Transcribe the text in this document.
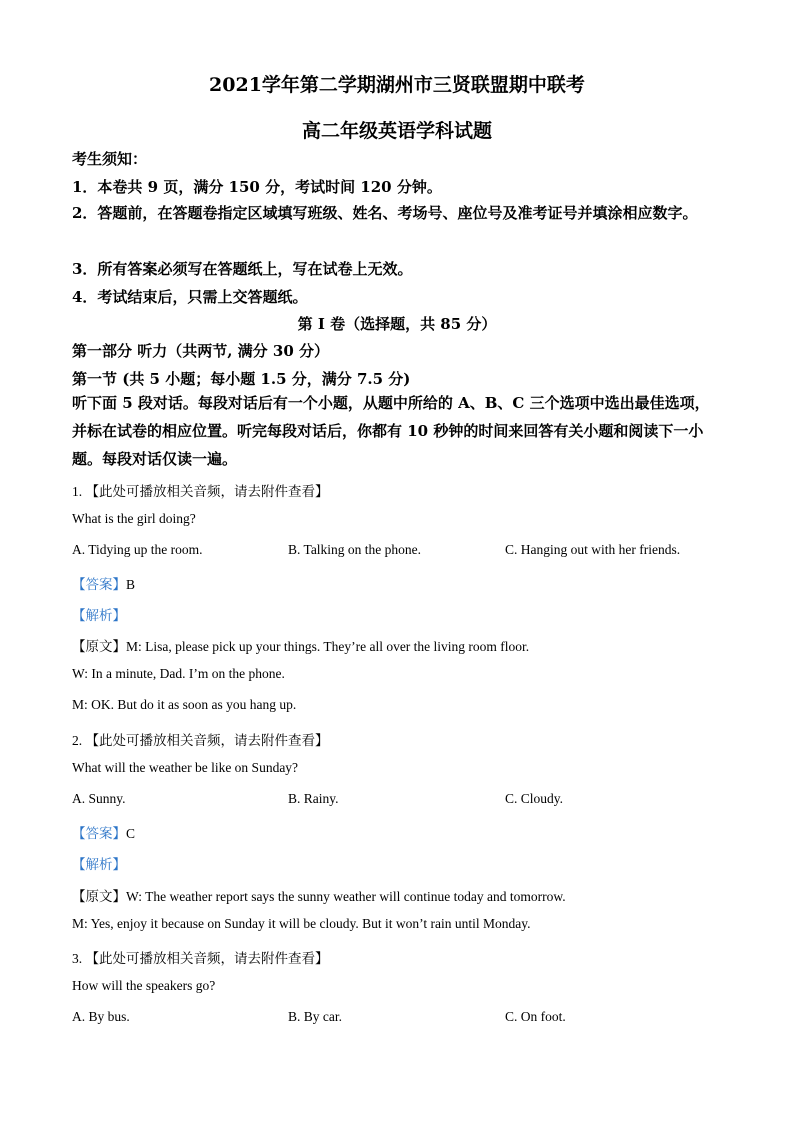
2021学年第二学期湖州市三贤联盟期中联考
高二年级英语学科试题
考生须知：
1．本卷共 9 页，满分 150 分，考试时间 120 分钟。
2．答题前，在答题卷指定区域填写班级、姓名、考场号、座位号及准考证号并填涂相应数字。
3．所有答案必须写在答题纸上，写在试卷上无效。
4．考试结束后，只需上交答题纸。
第 I 卷（选择题，共 85 分）
第一部分 听力（共两节, 满分 30 分）
第一节 (共 5 小题；每小题 1.5 分，满分 7.5 分)
听下面 5 段对话。每段对话后有一个小题，从题中所给的 A、B、C 三个选项中选出最佳选项，并标在试卷的相应位置。听完每段对话后，你都有 10 秒钟的时间来回答有关小题和阅读下一小题。每段对话仅读一遍。
1. 【此处可播放相关音频，请去附件查看】
What is the girl doing?
A. Tidying up the room.	B. Talking on the phone.	C. Hanging out with her friends.
【答案】B
【解析】
【原文】M: Lisa, please pick up your things. They’re all over the living room floor.
W: In a minute, Dad. I’m on the phone.
M: OK. But do it as soon as you hang up.
2. 【此处可播放相关音频，请去附件查看】
What will the weather be like on Sunday?
A. Sunny.	B. Rainy.	C. Cloudy.
【答案】C
【解析】
【原文】W: The weather report says the sunny weather will continue today and tomorrow.
M: Yes, enjoy it because on Sunday it will be cloudy. But it won’t rain until Monday.
3. 【此处可播放相关音频，请去附件查看】
How will the speakers go?
A. By bus.	B. By car.	C. On foot.
